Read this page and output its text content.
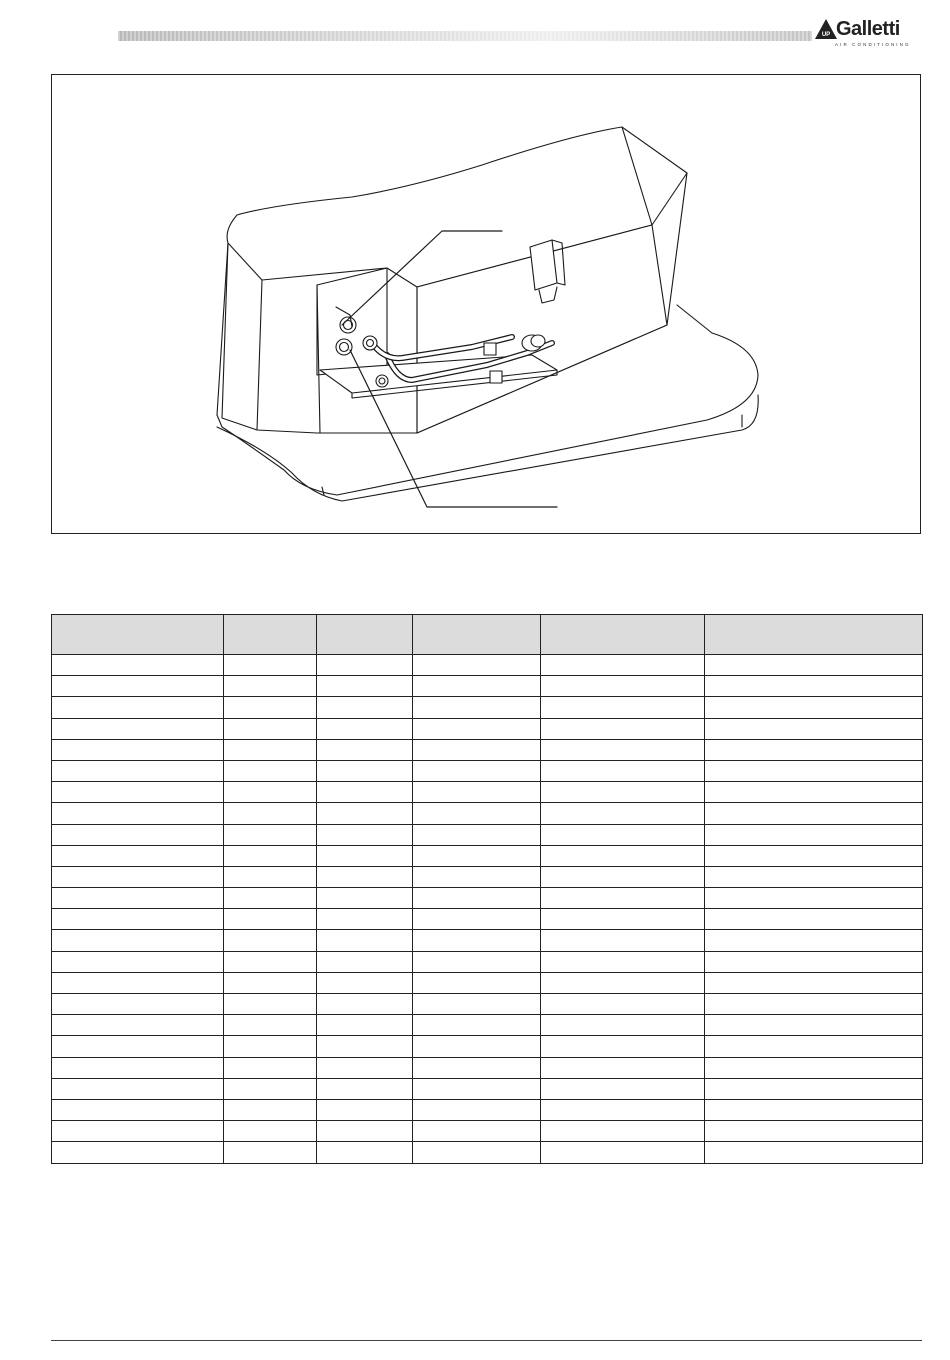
UP Galletti
AIR CONDITIONING
